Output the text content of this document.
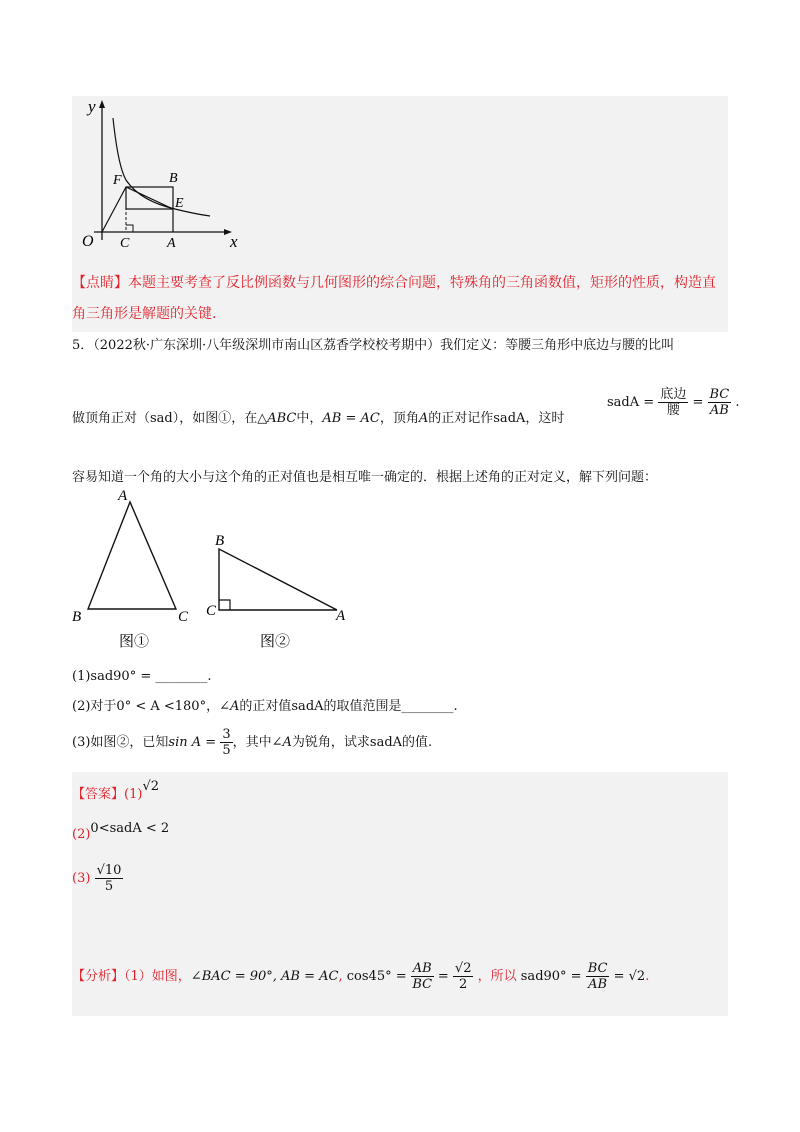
y
x
O
F	B
E
C	A
【点睛】本题主要考查了反比例函数与几何图形的综合问题，特殊角的三角函数值，矩形的性质，构造直
角三角形是解题的关键.
5．（2022秋·广东深圳·八年级深圳市南山区荔香学校校考期中）我们定义：等腰三角形中底边与腰的比叫
做顶角正对（sad），如图①，在△ABC中，AB = AC，顶角A的正对记作sadA，这时
sadA = $\frac{\text{底边}}{\text{腰}} = \frac{BC}{AB}$ .
容易知道一个角的大小与这个角的正对值也是相互唯一确定的．根据上述角的正对定义，解下列问题：
A
B	C
图①
B
C	A
图②
(1)sad90° = ________.
(2)对于0° < A <180°，∠A的正对值sadA的取值范围是________.
(3)如图②，已知$\sin A = \frac{3}{5}$ ，其中∠A为锐角，试求sadA的值.
【答案】(1)√2
(2)0<sadA < 2
$(3) \frac{√10}{5}$
【分析】（1）如图，∠BAC = 90°, AB = AC, $\cos 45^\circ = \frac{AB}{BC} = \frac{√2}{2}$ ，所以 $sad90^\circ = \frac{BC}{AB} = √2$.
